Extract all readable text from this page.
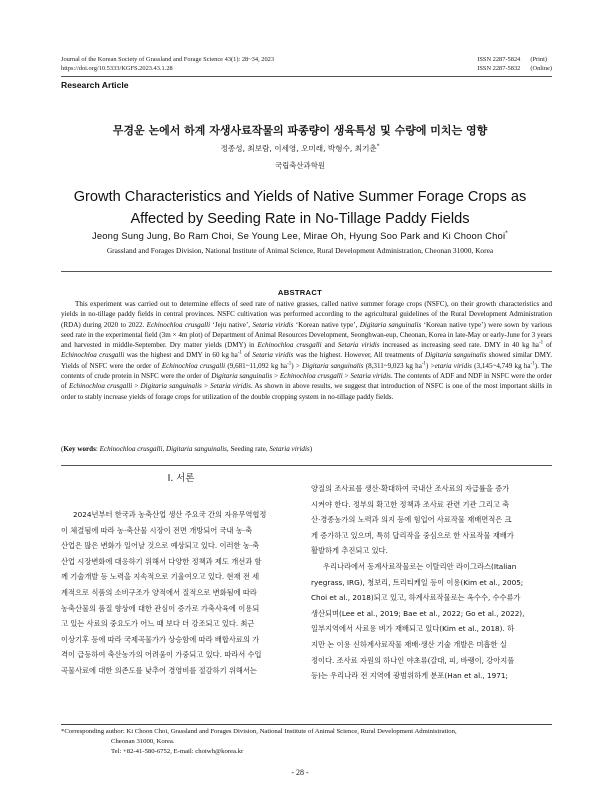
Journal of the Korean Society of Grassland and Forage Science 43(1): 28~34, 2023
https://doi.org/10.5333/KGFS.2023.43.1.28
ISSN 2287-5824 (Print)
ISSN 2287-5832 (Online)
Research Article
무경운 논에서 하계 자생사료작물의 파종량이 생육특성 및 수량에 미치는 영향
정종성, 최보람, 이세영, 오미래, 박형수, 최기춘*
국립축산과학원
Growth Characteristics and Yields of Native Summer Forage Crops as
Affected by Seeding Rate in No-Tillage Paddy Fields
Jeong Sung Jung, Bo Ram Choi, Se Young Lee, Mirae Oh, Hyung Soo Park and Ki Choon Choi*
Grassland and Forages Division, National Institute of Animal Science, Rural Development Administration, Cheonan 31000, Korea
ABSTRACT
This experiment was carried out to determine effects of seed rate of native grasses, called native summer forage crops (NSFC), on their growth characteristics and yields in no-tillage paddy fields in central provinces. NSFC cultivation was performed according to the agricultural guidelines of the Rural Development Administration (RDA) during 2020 to 2022. Echinochloa crusgalli ‘Jeju native’, Setaria viridis ‘Korean native type’, Digitaria sanguinalis ‘Korean native type’) were sown by various seed rate in the experimental field (3m × 4m plot) of Department of Animal Resources Development, Seonghwan-eup, Cheonan, Korea in late-May or early-June for 3 years and harvested in middle-September. Dry matter yields (DMY) in Echinochloa crusgalli and Setaria viridis increased as increasing seed rate. DMY in 40 kg $ha^{-1}$ of Echinochloa crusgalli was the highest and DMY in 60 kg $ha^{-1}$ of Setaria viridis was the highest. However, All treatments of Digitaria sanguinalis showed similar DMY. Yields of NSFC were the order of Echinochloa crusgalli (9,681~11,092 kg $ha^{-1}$) > Digitaria sanguinalis (8,311~9,023 kg $ha^{-1}$) >etaria viridis (3,145~4,749 kg $ha^{-1}$). The contents of crude protein in NSFC were the order of Digitaria sanguinalis > Echinochloa crusgalli > Setaria viridis. The contents of ADF and NDF in NSFC were the order of Echinochloa crusgalli > Digitaria sanguinalis > Setaria viridis. As shown in above results, we suggest that introduction of NSFC is one of the most important skills in order to stably increase yields of forage crops for utilization of the double cropping system in no-tillage paddy fields.
(Key words: Echinochloa crusgalli, Digitaria sanguinalis, Seeding rate, Setaria viridis)
Ⅰ. 서론

2024년부터 한국과 농축산업 생산 주요국 간의 자유무역협정

이 체결됨에 따라 농‧축산물 시장이 전면 개방되어 국내 농‧축

산업은 많은 변화가 일어날 것으로 예상되고 있다. 이러한 농‧축

산업 시장변화에 대응하기 위해서 다양한 정책과 제도 개선과 함

께 기술개발 등 노력을 지속적으로 기울여오고 있다. 현재 전 세

계적으로 식품의 소비구조가 양적에서 질적으로 변화됨에 따라

농축산물의 품질 향상에 대한 관심이 증가로 가축사육에 이용되

고 있는 사료의 중요도가 어느 때 보다 더 강조되고 있다. 최근

이상기후 등에 따라 국제곡물가가 상승함에 따라 배합사료의 가

격이 급등하여 축산농가의 어려움이 가중되고 있다. 따라서 수입

곡물사료에 대한 의존도를 낮추어 경영비를 절감하기 위해서는

양질의 조사료를 생산‧확대하여 국내산 조사료의 자급률을 증가

시켜야 한다. 정부의 확고한 정책과 조사료 관련 기관 그리고 축

산‧경종농가의 노력과 의지 등에 힘입어 사료작물 재배면적은 크

게 증가하고 있으며, 특히 답리작을 중심으로 한 사료작물 재배가

활발하게 추진되고 있다.

우리나라에서 동계사료작물로는 이탈리안 라이그라스(Italian

ryegrass, IRG), 청보리, 트리티케일 등이 이용(Kim et al., 2005;

Choi et al., 2018)되고 있고, 하계사료작물로는 옥수수, 수수류가

생산되며(Lee et al., 2019; Bae et al., 2022; Go et al., 2022),

일부지역에서 사료용 벼가 재배되고 있다(Kim et al., 2018). 하

지만 논 이용 신하계사료작물 재배‧생산 기술 개발은 미흡한 실

정이다. 조사료 자원의 하나인 야초류(갈대, 피, 바랭이, 강아지풀

등)는 우리나라 전 지역에 광범위하게 분포(Han et al., 1971;

*Corresponding author: Ki Choon Choi, Grassland and Forages Division, National Institute of Animal Science, Rural Development Administration,
Cheonan 31000, Korea.
Tel: +82-41-580-6752, E-mail: choiwh@korea.kr
- 28 -
